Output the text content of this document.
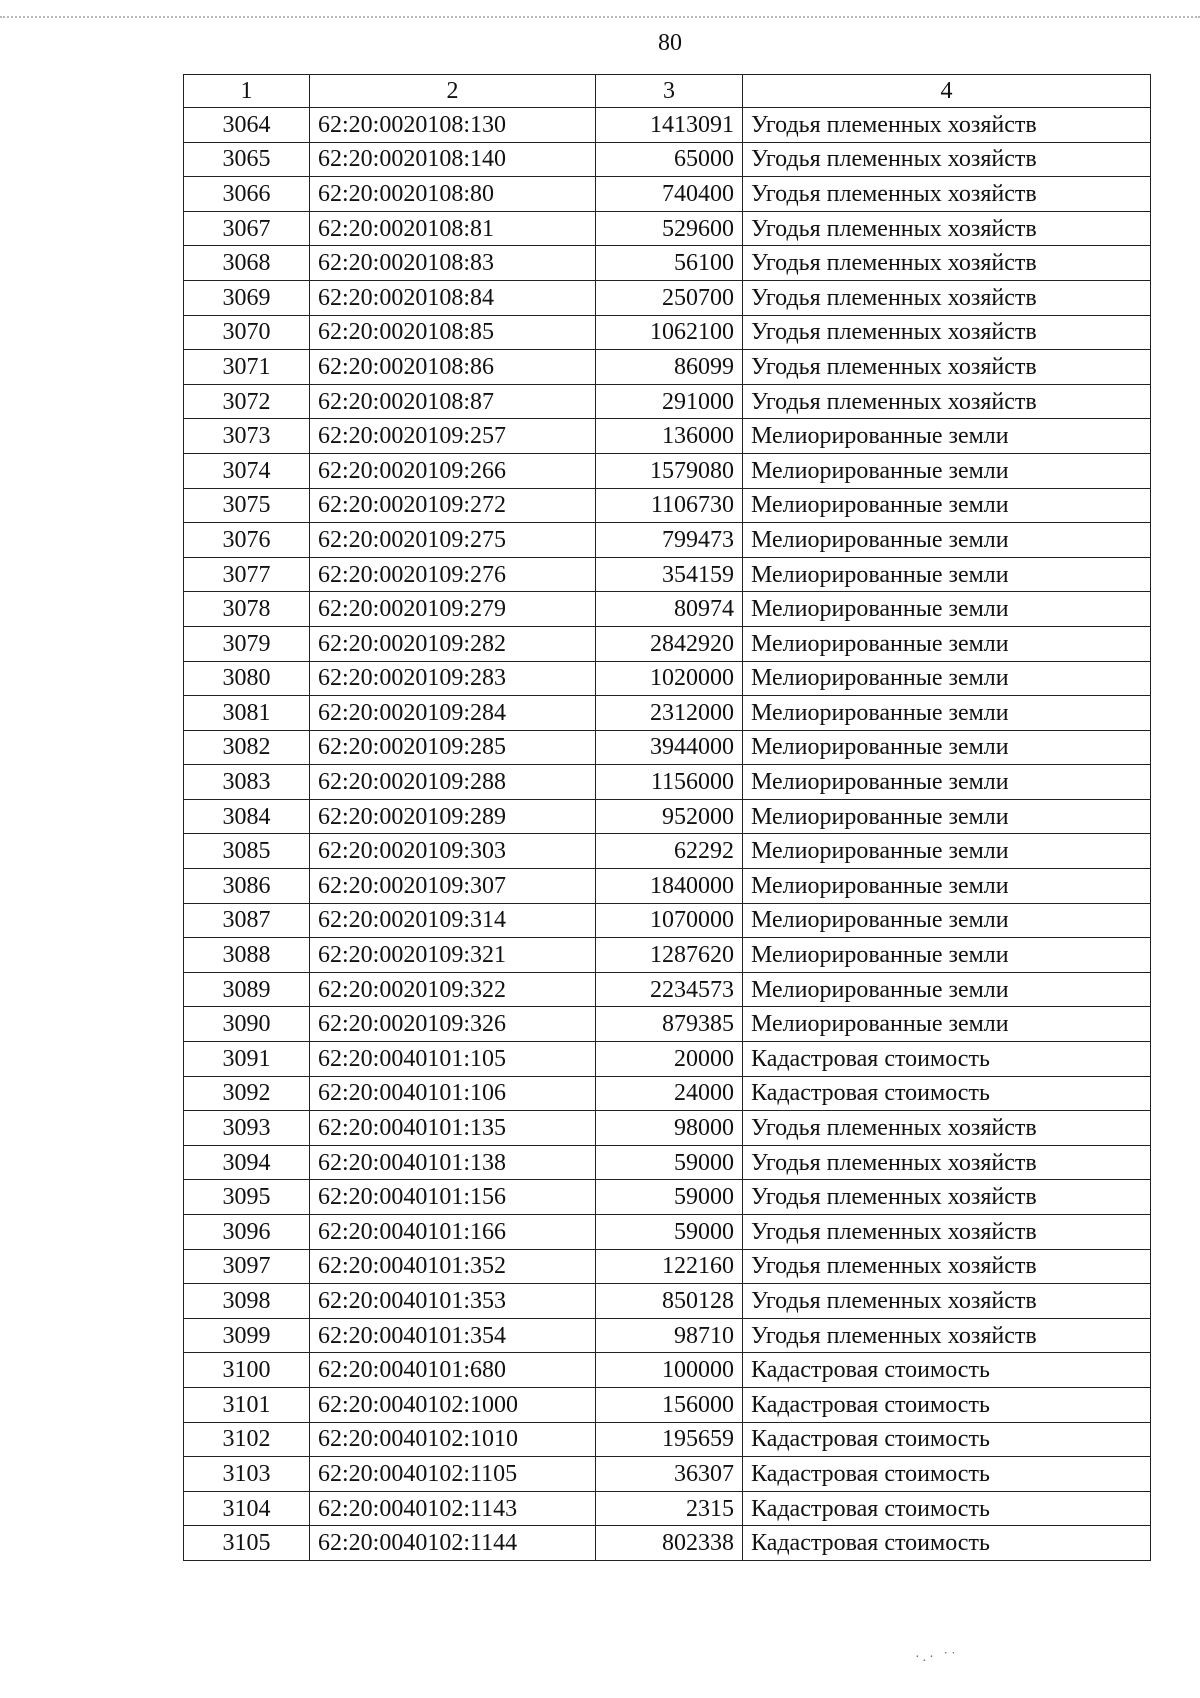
80
1	2	3	4
3064	62:20:0020108:130	1413091	Угодья племенных хозяйств
3065	62:20:0020108:140	65000	Угодья племенных хозяйств
3066	62:20:0020108:80	740400	Угодья племенных хозяйств
3067	62:20:0020108:81	529600	Угодья племенных хозяйств
3068	62:20:0020108:83	56100	Угодья племенных хозяйств
3069	62:20:0020108:84	250700	Угодья племенных хозяйств
3070	62:20:0020108:85	1062100	Угодья племенных хозяйств
3071	62:20:0020108:86	86099	Угодья племенных хозяйств
3072	62:20:0020108:87	291000	Угодья племенных хозяйств
3073	62:20:0020109:257	136000	Мелиорированные земли
3074	62:20:0020109:266	1579080	Мелиорированные земли
3075	62:20:0020109:272	1106730	Мелиорированные земли
3076	62:20:0020109:275	799473	Мелиорированные земли
3077	62:20:0020109:276	354159	Мелиорированные земли
3078	62:20:0020109:279	80974	Мелиорированные земли
3079	62:20:0020109:282	2842920	Мелиорированные земли
3080	62:20:0020109:283	1020000	Мелиорированные земли
3081	62:20:0020109:284	2312000	Мелиорированные земли
3082	62:20:0020109:285	3944000	Мелиорированные земли
3083	62:20:0020109:288	1156000	Мелиорированные земли
3084	62:20:0020109:289	952000	Мелиорированные земли
3085	62:20:0020109:303	62292	Мелиорированные земли
3086	62:20:0020109:307	1840000	Мелиорированные земли
3087	62:20:0020109:314	1070000	Мелиорированные земли
3088	62:20:0020109:321	1287620	Мелиорированные земли
3089	62:20:0020109:322	2234573	Мелиорированные земли
3090	62:20:0020109:326	879385	Мелиорированные земли
3091	62:20:0040101:105	20000	Кадастровая стоимость
3092	62:20:0040101:106	24000	Кадастровая стоимость
3093	62:20:0040101:135	98000	Угодья племенных хозяйств
3094	62:20:0040101:138	59000	Угодья племенных хозяйств
3095	62:20:0040101:156	59000	Угодья племенных хозяйств
3096	62:20:0040101:166	59000	Угодья племенных хозяйств
3097	62:20:0040101:352	122160	Угодья племенных хозяйств
3098	62:20:0040101:353	850128	Угодья племенных хозяйств
3099	62:20:0040101:354	98710	Угодья племенных хозяйств
3100	62:20:0040101:680	100000	Кадастровая стоимость
3101	62:20:0040102:1000	156000	Кадастровая стоимость
3102	62:20:0040102:1010	195659	Кадастровая стоимость
3103	62:20:0040102:1105	36307	Кадастровая стоимость
3104	62:20:0040102:1143	2315	Кадастровая стоимость
3105	62:20:0040102:1144	802338	Кадастровая стоимость
·.· ˙˙
